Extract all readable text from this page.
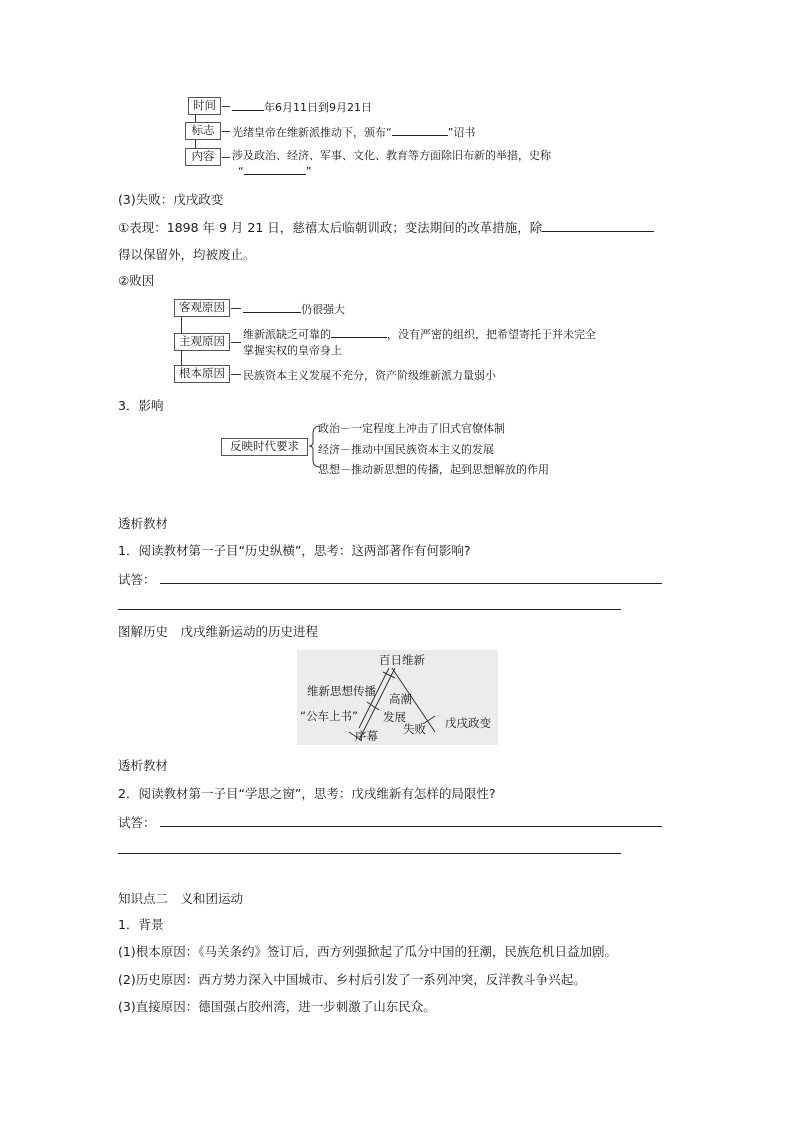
时间	年6月11日到9月21日
标志	光绪皇帝在维新派推动下，颁布“	”诏书
内容	涉及政治、经济、军事、文化、教育等方面除旧布新的举措，史称
“	”
(3)失败：戊戌政变
①表现：1898 年 9 月 21 日，慈禧太后临朝训政；变法期间的改革措施，除
得以保留外，均被废止。
②败因
客观原因	仍很强大
主观原因	维新派缺乏可靠的	，没有严密的组织，把希望寄托于并未完全
掌握实权的皇帝身上
根本原因	民族资本主义发展不充分，资产阶级维新派力量弱小
3．影响
反映时代要求
政治－一定程度上冲击了旧式官僚体制
经济－推动中国民族资本主义的发展
思想－推动新思想的传播，起到思想解放的作用
透析教材
1．阅读教材第一子目“历史纵横”，思考：这两部著作有何影响?
试答：
图解历史　戊戌维新运动的历史进程
百日维新
维新思想传播
高潮
发展
“公车上书”
序幕 失败 戊戌政变
透析教材
2．阅读教材第一子目“学思之窗”，思考：戊戌维新有怎样的局限性?
试答：
知识点二　义和团运动
1．背景
(1)根本原因：《马关条约》签订后，西方列强掀起了瓜分中国的狂潮，民族危机日益加剧。
(2)历史原因：西方势力深入中国城市、乡村后引发了一系列冲突，反洋教斗争兴起。
(3)直接原因：德国强占胶州湾，进一步刺激了山东民众。
